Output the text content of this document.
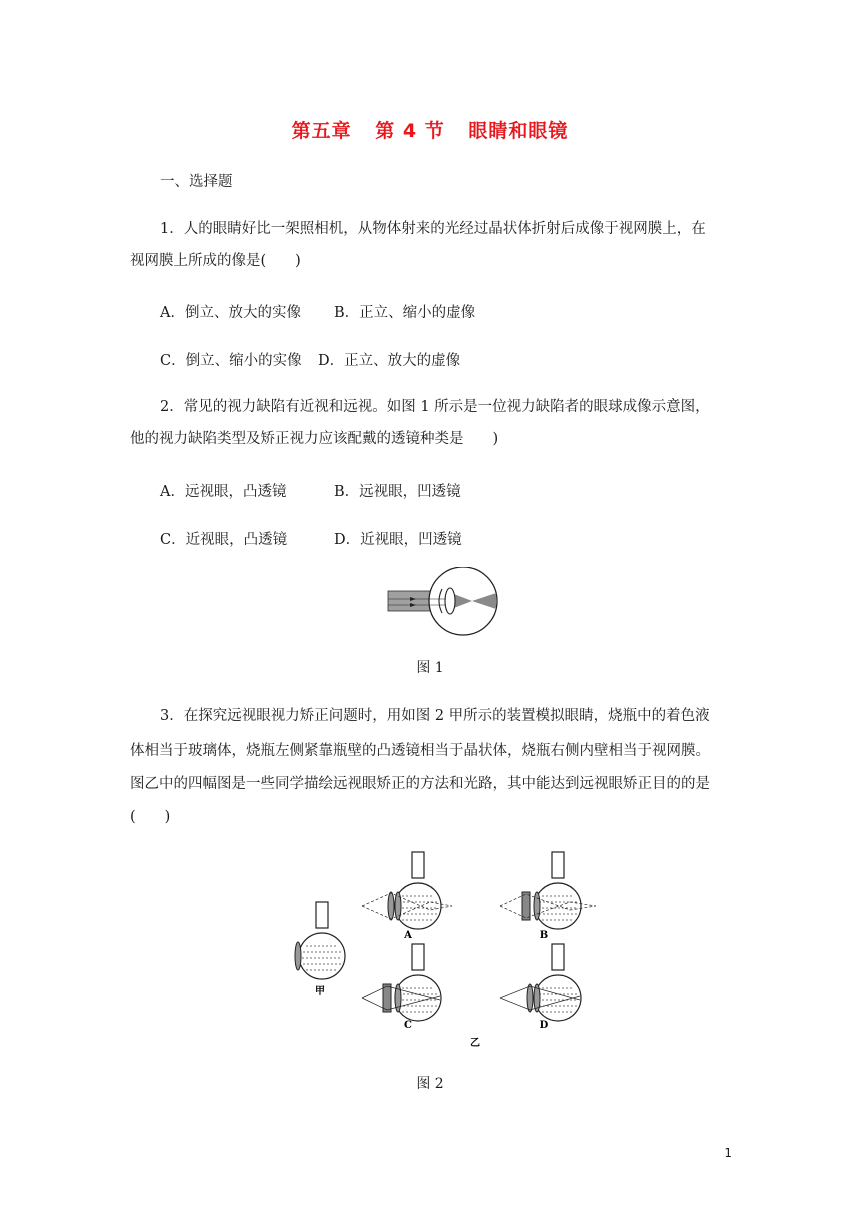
第五章 第 4 节 眼睛和眼镜
一、选择题
1．人的眼睛好比一架照相机，从物体射来的光经过晶状体折射后成像于视网膜上，在
视网膜上所成的像是(　　)
A．倒立、放大的实像 B．正立、缩小的虚像
C．倒立、缩小的实像 D．正立、放大的虚像
2．常见的视力缺陷有近视和远视。如图 1 所示是一位视力缺陷者的眼球成像示意图，
他的视力缺陷类型及矫正视力应该配戴的透镜种类是　　)
A．远视眼，凸透镜	B．远视眼，凹透镜
C．近视眼，凸透镜	D．近视眼，凹透镜
图 1
3．在探究远视眼视力矫正问题时，用如图 2 甲所示的装置模拟眼睛，烧瓶中的着色液
体相当于玻璃体，烧瓶左侧紧靠瓶壁的凸透镜相当于晶状体，烧瓶右侧内壁相当于视网膜。
图乙中的四幅图是一些同学描绘远视眼矫正的方法和光路，其中能达到远视眼矫正目的的是
(　　)
甲
A	B
C	D
乙
图 2
1
